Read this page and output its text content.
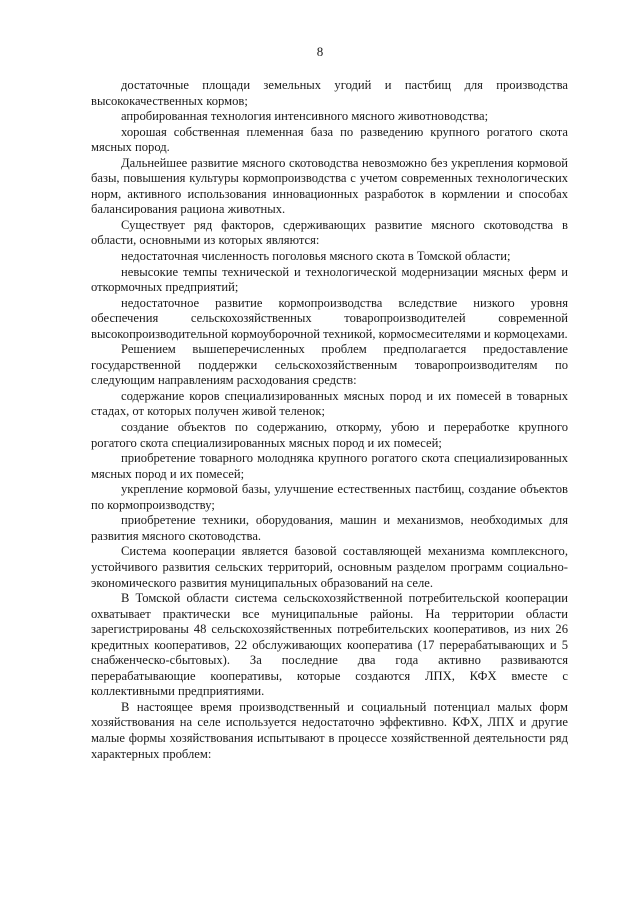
8

достаточные площади земельных угодий и пастбищ для производства высококачественных кормов;

апробированная технология интенсивного мясного животноводства;

хорошая собственная племенная база по разведению крупного рогатого скота мясных пород.

Дальнейшее развитие мясного скотоводства невозможно без укрепления кормовой базы, повышения культуры кормопроизводства с учетом современных технологических норм, активного использования инновационных разработок в кормлении и способах балансирования рациона животных.

Существует ряд факторов, сдерживающих развитие мясного скотоводства в области, основными из которых являются:

недостаточная численность поголовья мясного скота в Томской области;

невысокие темпы технической и технологической модернизации мясных ферм и откормочных предприятий;

недостаточное развитие кормопроизводства вследствие низкого уровня обеспечения сельскохозяйственных товаропроизводителей современной высокопроизводительной кормоуборочной техникой, кормосмесителями и кормоцехами.

Решением вышеперечисленных проблем предполагается предоставление государственной поддержки сельскохозяйственным товаропроизводителям по следующим направлениям расходования средств:

содержание коров специализированных мясных пород и их помесей в товарных стадах, от которых получен живой теленок;

создание объектов по содержанию, откорму, убою и переработке крупного рогатого скота специализированных мясных пород и их помесей;

приобретение товарного молодняка крупного рогатого скота специализированных мясных пород и их помесей;

укрепление кормовой базы, улучшение естественных пастбищ, создание объектов по кормопроизводству;

приобретение техники, оборудования, машин и механизмов, необходимых для развития мясного скотоводства.

Система кооперации является базовой составляющей механизма комплексного, устойчивого развития сельских территорий, основным разделом программ социально-экономического развития муниципальных образований на селе.

В Томской области система сельскохозяйственной потребительской кооперации охватывает практически все муниципальные районы. На территории области зарегистрированы 48 сельскохозяйственных потребительских кооперативов, из них 26 кредитных кооперативов, 22 обслуживающих кооператива (17 перерабатывающих и 5 снабженческо-сбытовых). За последние два года активно развиваются перерабатывающие кооперативы, которые создаются ЛПХ, КФХ вместе с коллективными предприятиями.

В настоящее время производственный и социальный потенциал малых форм хозяйствования на селе используется недостаточно эффективно. КФХ, ЛПХ и другие малые формы хозяйствования испытывают в процессе хозяйственной деятельности ряд характерных проблем:
